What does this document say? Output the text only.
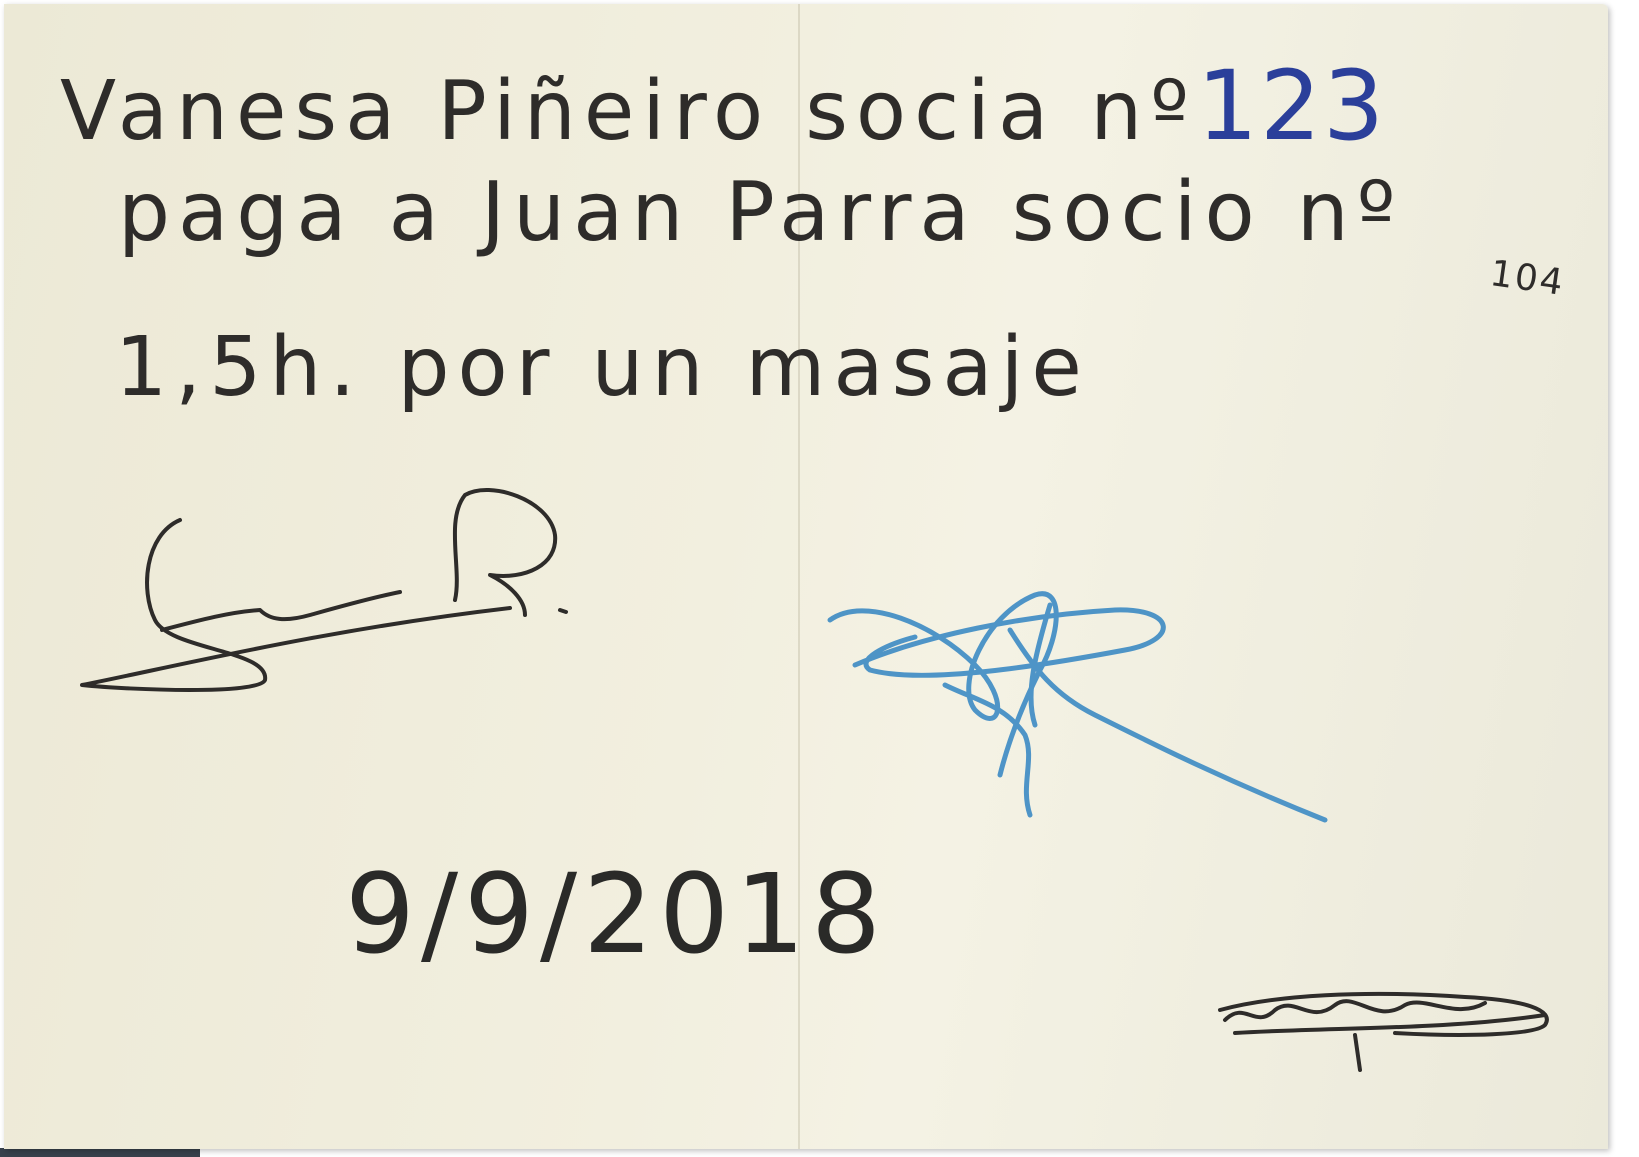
Vanesa Piñeiro socia nº123

paga a Juan Parra socio nº

104

1,5h. por un masaje

9/9/2018
